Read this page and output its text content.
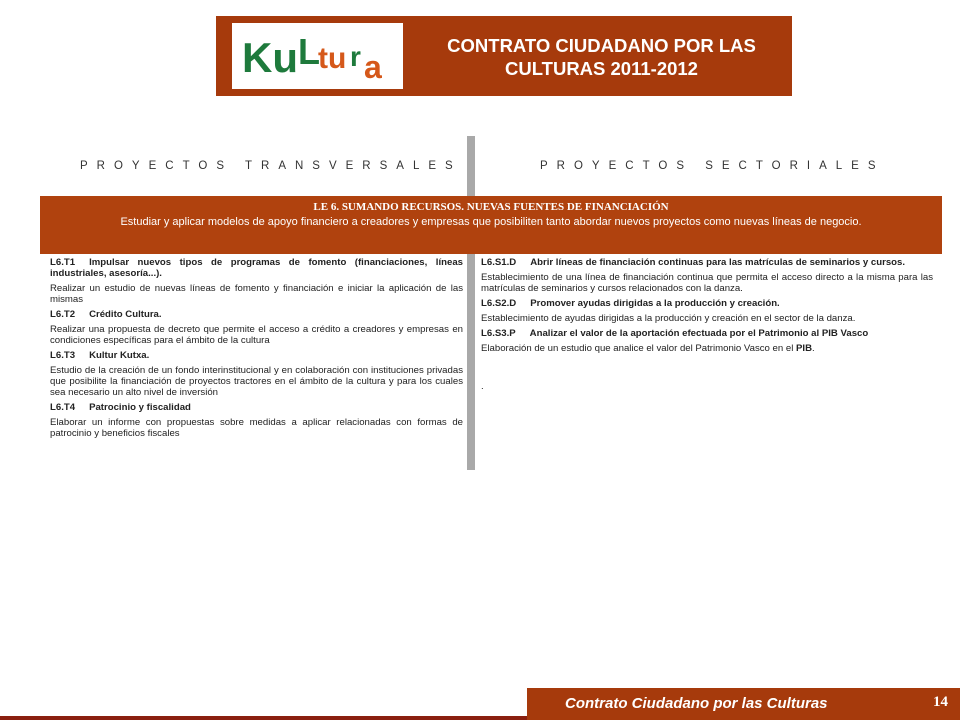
Ku L
tu r a
CONTRATO CIUDADANO POR LAS
CULTURAS 2011-2012
PROYECTOS TRANSVERSALES	PROYECTOS SECTORIALES
LE 6. SUMANDO RECURSOS. NUEVAS FUENTES DE FINANCIACIÓN
Estudiar y aplicar modelos de apoyo financiero a creadores y empresas que posibiliten tanto abordar nuevos proyectos como nuevas líneas de negocio.
L6.T1 Impulsar nuevos tipos de programas de fomento (financiaciones, líneas industriales, asesoría...).
Realizar un estudio de nuevas líneas de fomento y financiación e iniciar la aplicación de las mismas
L6.T2 Crédito Cultura.
Realizar una propuesta de decreto que permite el acceso a crédito a creadores y empresas en condiciones específicas para el ámbito de la cultura
L6.T3 Kultur Kutxa.
Estudio de la creación de un fondo interinstitucional y en colaboración con instituciones privadas que posibilite la financiación de proyectos tractores en el ámbito de la cultura y para los cuales sea necesario un alto nivel de inversión
L6.T4 Patrocinio y fiscalidad
Elaborar un informe con propuestas sobre medidas a aplicar relacionadas con formas de patrocinio y beneficios fiscales
L6.S1.D Abrir líneas de financiación continuas para las matrículas de seminarios y cursos.
Establecimiento de una línea de financiación continua que permita el acceso directo a la misma para las matrículas de seminarios y cursos relacionados con la danza.
L6.S2.D Promover ayudas dirigidas a la producción y creación.
Establecimiento de ayudas dirigidas a la producción y creación en el sector de la danza.
L6.S3.P Analizar el valor de la aportación efectuada por el Patrimonio al PIB Vasco
Elaboración de un estudio que analice el valor del Patrimonio Vasco en el PIB.
.
Contrato Ciudadano por las Culturas	14
